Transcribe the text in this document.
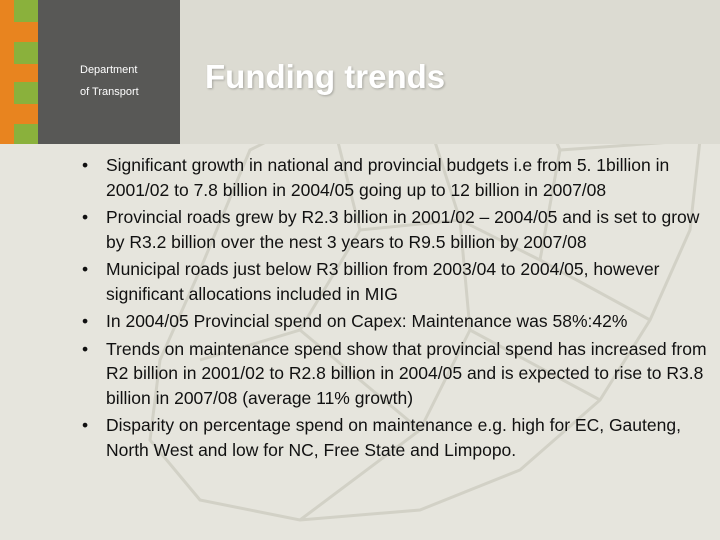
Department
of Transport Funding trends
• Significant growth in national and provincial budgets i.e from 5. 1billion in 2001/02 to 7.8 billion in 2004/05 going up to 12 billion in 2007/08
• Provincial roads grew by R2.3 billion in 2001/02 – 2004/05 and is set to grow by R3.2 billion over the nest 3 years to R9.5 billion by 2007/08
• Municipal roads just below R3 billion from 2003/04 to 2004/05, however significant allocations included in MIG
• In 2004/05 Provincial spend on Capex: Maintenance was 58%:42%
• Trends on maintenance spend show that provincial spend has increased from R2 billion in 2001/02 to R2.8 billion in 2004/05 and is expected to rise to R3.8 billion in 2007/08 (average 11% growth)
• Disparity on percentage spend on maintenance e.g. high for EC, Gauteng, North West and low for NC, Free State and Limpopo.
